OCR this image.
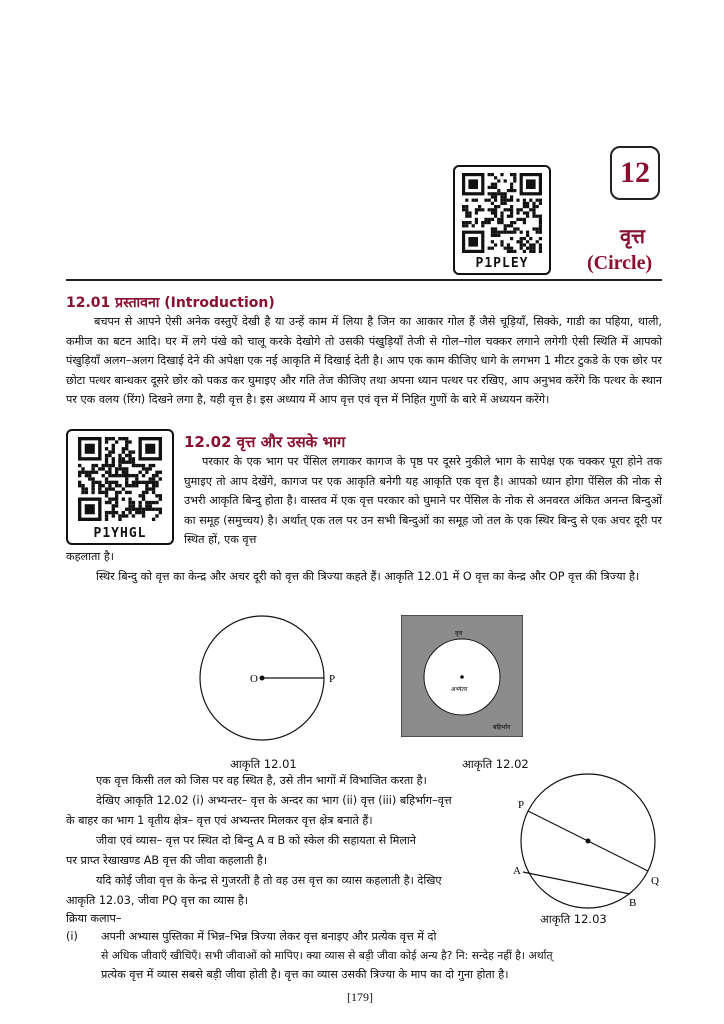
P1PLEY
12
वृत्त
(Circle)
12.01 प्रस्तावना (Introduction)
बचपन से आपने ऐसी अनेक वस्तुऐं देखी है या उन्हें काम में लिया है जिन का आकार गोल हैं जैसे चूड़ियाँ, सिक्के, गाडी का पहिया, थाली, कमीज का बटन आदि। घर में लगे पंखे को चालू करके देखोगे तो उसकी पंखुड़ियाँ तेजी से गोल–गोल चक्कर लगाने लगेगी ऐसी स्थिति में आपको पंखुड़ियाँ अलग–अलग दिखाई देने की अपेक्षा एक नई आकृति में दिखाई देती है। आप एक काम कीजिए धागे के लगभग 1 मीटर टुकडे के एक छोर पर छोटा पत्थर बान्धकर दूसरे छोर को पकड कर घुमाइए और गति तेज कीजिए तथा अपना ध्यान पत्थर पर रखिए, आप अनुभव करेंगे कि पत्थर के स्थान पर एक वलय (रिंग) दिखने लगा है, यही वृत्त है। इस अध्याय में आप वृत्त एवं वृत्त में निहित गुणों के बारे में अध्ययन करेंगे।
P1YHGL
12.02 वृत्त और उसके भाग
परकार के एक भाग पर पेंसिल लगाकर कागज के पृष्ठ पर दूसरे नुकीले भाग के सापेक्ष एक चक्कर पूरा होने तक घुमाइए तो आप देखेंगे, कागज पर एक आकृति बनेगी यह आकृति एक वृत्त है। आपको ध्यान होगा पेंसिल की नोक से उभरी आकृति बिन्दु होता है। वास्तव में एक वृत्त परकार को घुमाने पर पेंसिल के नोक से अनवरत अंकित अनन्त बिन्दुओं का समूह (समुच्चय) है। अर्थात् एक तल पर उन सभी बिन्दुओं का समूह जो तल के एक स्थिर बिन्दु से एक अचर दूरी पर स्थित हों, एक वृत्त
कहलाता है।
स्थिर बिन्दु को वृत्त का केन्द्र और अचर दूरी को वृत्त की त्रिज्या कहते हैं। आकृति 12.01 में O वृत्त का केन्द्र और OP वृत्त की त्रिज्या है।
O	P
आकृति 12.01
वृत्त
अभ्यंतर
बहिर्भाग
आकृति 12.02
P
Q
A
B
आकृति 12.03
एक वृत्त किसी तल को जिस पर वह स्थित है, उसे तीन भागों में विभाजित करता है।
देखिए आकृति 12.02 (i) अभ्यन्तर– वृत्त के अन्दर का भाग (ii) वृत्त (iii) बहिर्भाग–वृत्त
के बाहर का भाग 1 वृतीय क्षेत्र– वृत्त एवं अभ्यन्तर मिलकर वृत्त क्षेत्र बनाते हैं।
जीवा एवं व्यास– वृत्त पर स्थित दो बिन्दु A व B को स्केल की सहायता से मिलाने
पर प्राप्त रेखाखण्ड AB वृत्त की जीवा कहलाती है।
यदि कोई जीवा वृत्त के केन्द्र से गुजरती है तो वह उस वृत्त का व्यास कहलाती है। देखिए
आकृति 12.03, जीवा PQ वृत्त का व्यास है।
क्रिया कलाप–
(i) अपनी अभ्यास पुस्तिका में भिन्न–भिन्न त्रिज्या लेकर वृत्त बनाइए और प्रत्येक वृत्त में दो
से अधिक जीवाएँ खीचिएँ। सभी जीवाओं को मापिए। क्या व्यास से बड़ी जीवा कोई अन्य है? नि: सन्देह नहीं है। अर्थात्
प्रत्येक वृत्त में व्यास सबसे बड़ी जीवा होती है। वृत्त का व्यास उसकी त्रिज्या के माप का दो गुना होता है।
[179]
